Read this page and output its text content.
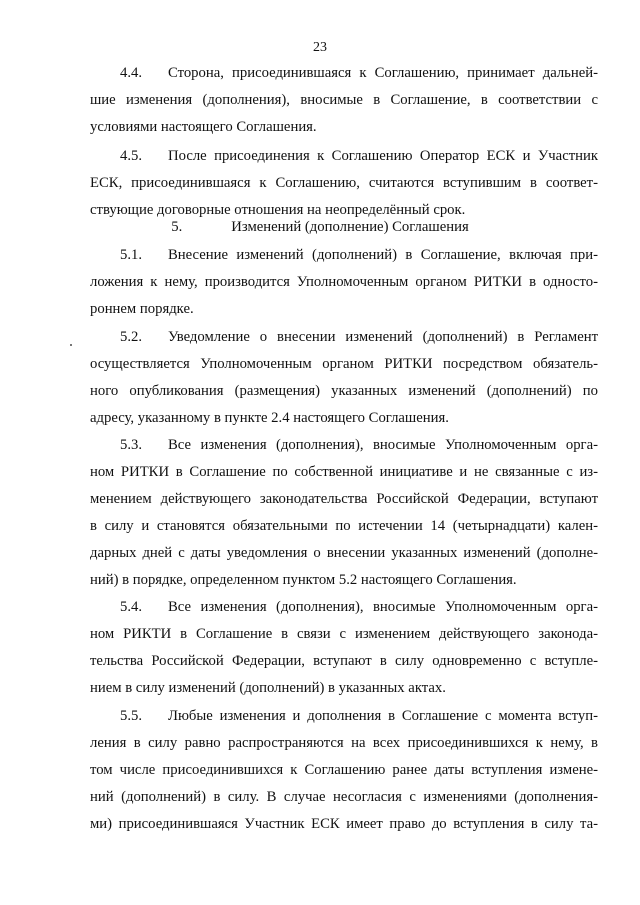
23
4.4. Сторона, присоединившаяся к Соглашению, принимает дальней-
шие изменения (дополнения), вносимые в Соглашение, в соответствии с
условиями настоящего Соглашения.
4.5. После присоединения к Соглашению Оператор ЕСК и Участник
ЕСК, присоединившаяся к Соглашению, считаются вступившим в соответ-
ствующие договорные отношения на неопределённый срок.
5.	Изменений (дополнение) Соглашения
5.1. Внесение изменений (дополнений) в Соглашение, включая при-
ложения к нему, производится Уполномоченным органом РИТКИ в односто-
роннем порядке.
5.2. Уведомление о внесении изменений (дополнений) в Регламент
осуществляется Уполномоченным органом РИТКИ посредством обязатель-
ного опубликования (размещения) указанных изменений (дополнений) по
адресу, указанному в пункте 2.4 настоящего Соглашения.
5.3. Все изменения (дополнения), вносимые Уполномоченным орга-
ном РИТКИ в Соглашение по собственной инициативе и не связанные с из-
менением действующего законодательства Российской Федерации, вступают
в силу и становятся обязательными по истечении 14 (четырнадцати) кален-
дарных дней с даты уведомления о внесении указанных изменений (дополне-
ний) в порядке, определенном пунктом 5.2 настоящего Соглашения.
5.4. Все изменения (дополнения), вносимые Уполномоченным орга-
ном РИКТИ в Соглашение в связи с изменением действующего законода-
тельства Российской Федерации, вступают в силу одновременно с вступле-
нием в силу изменений (дополнений) в указанных актах.
5.5. Любые изменения и дополнения в Соглашение с момента вступ-
ления в силу равно распространяются на всех присоединившихся к нему, в
том числе присоединившихся к Соглашению ранее даты вступления измене-
ний (дополнений) в силу. В случае несогласия с изменениями (дополнения-
ми) присоединившаяся Участник ЕСК имеет право до вступления в силу та-
